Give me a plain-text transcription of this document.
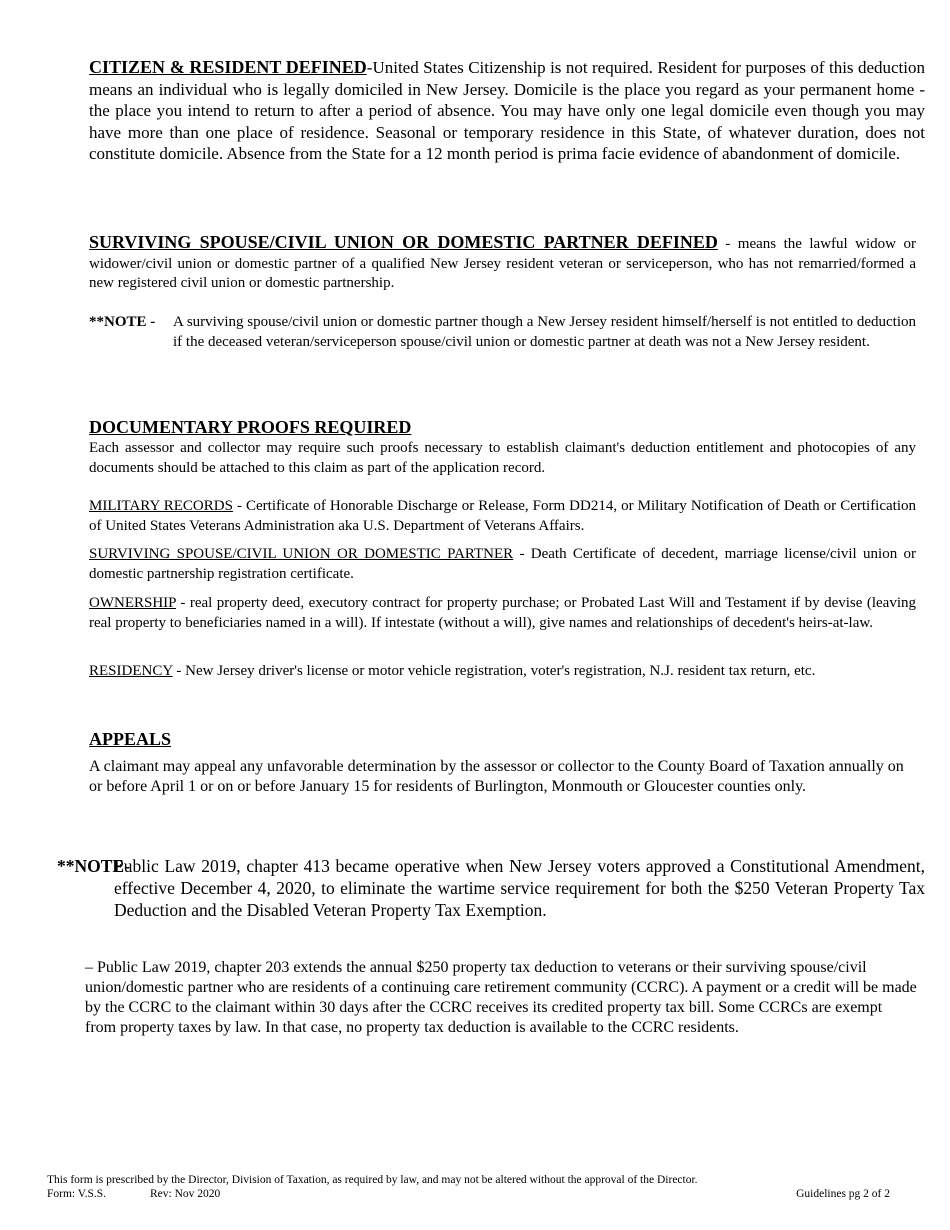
CITIZEN & RESIDENT DEFINED-United States Citizenship is not required. Resident for purposes of this deduction means an individual who is legally domiciled in New Jersey. Domicile is the place you regard as your permanent home - the place you intend to return to after a period of absence. You may have only one legal domicile even though you may have more than one place of residence. Seasonal or temporary residence in this State, of whatever duration, does not constitute domicile. Absence from the State for a 12 month period is prima facie evidence of abandonment of domicile.

SURVIVING SPOUSE/CIVIL UNION OR DOMESTIC PARTNER DEFINED - means the lawful widow or widower/civil union or domestic partner of a qualified New Jersey resident veteran or serviceperson, who has not remarried/formed a new registered civil union or domestic partnership.

**NOTE -	A surviving spouse/civil union or domestic partner though a New Jersey resident himself/herself is not entitled to deduction if the deceased veteran/serviceperson spouse/civil union or domestic partner at death was not a New Jersey resident.
DOCUMENTARY PROOFS REQUIRED

Each assessor and collector may require such proofs necessary to establish claimant's deduction entitlement and photocopies of any documents should be attached to this claim as part of the application record.

MILITARY RECORDS - Certificate of Honorable Discharge or Release, Form DD214, or Military Notification of Death or Certification of United States Veterans Administration aka U.S. Department of Veterans Affairs.

SURVIVING SPOUSE/CIVIL UNION OR DOMESTIC PARTNER - Death Certificate of decedent, marriage license/civil union or domestic partnership registration certificate.

OWNERSHIP - real property deed, executory contract for property purchase; or Probated Last Will and Testament if by devise (leaving real property to beneficiaries named in a will). If intestate (without a will), give names and relationships of decedent's heirs-at-law.

RESIDENCY - New Jersey driver's license or motor vehicle registration, voter's registration, N.J. resident tax return, etc.

APPEALS

A claimant may appeal any unfavorable determination by the assessor or collector to the County Board of Taxation annually on or before April 1 or on or before January 15 for residents of Burlington, Monmouth or Gloucester counties only.

**NOTE-
Public Law 2019, chapter 413 became operative when New Jersey voters approved a Constitutional Amendment, effective December 4, 2020, to eliminate the wartime service requirement for both the $250 Veteran Property Tax Deduction and the Disabled Veteran Property Tax Exemption.

– Public Law 2019, chapter 203 extends the annual $250 property tax deduction to veterans or their surviving spouse/civil union/domestic partner who are residents of a continuing care retirement community (CCRC). A payment or a credit will be made by the CCRC to the claimant within 30 days after the CCRC receives its credited property tax bill. Some CCRCs are exempt from property taxes by law. In that case, no property tax deduction is available to the CCRC residents.

This form is prescribed by the Director, Division of Taxation, as required by law, and may not be altered without the approval of the Director.
Form: V.S.S.	Rev: Nov 2020	Guidelines pg 2 of 2
